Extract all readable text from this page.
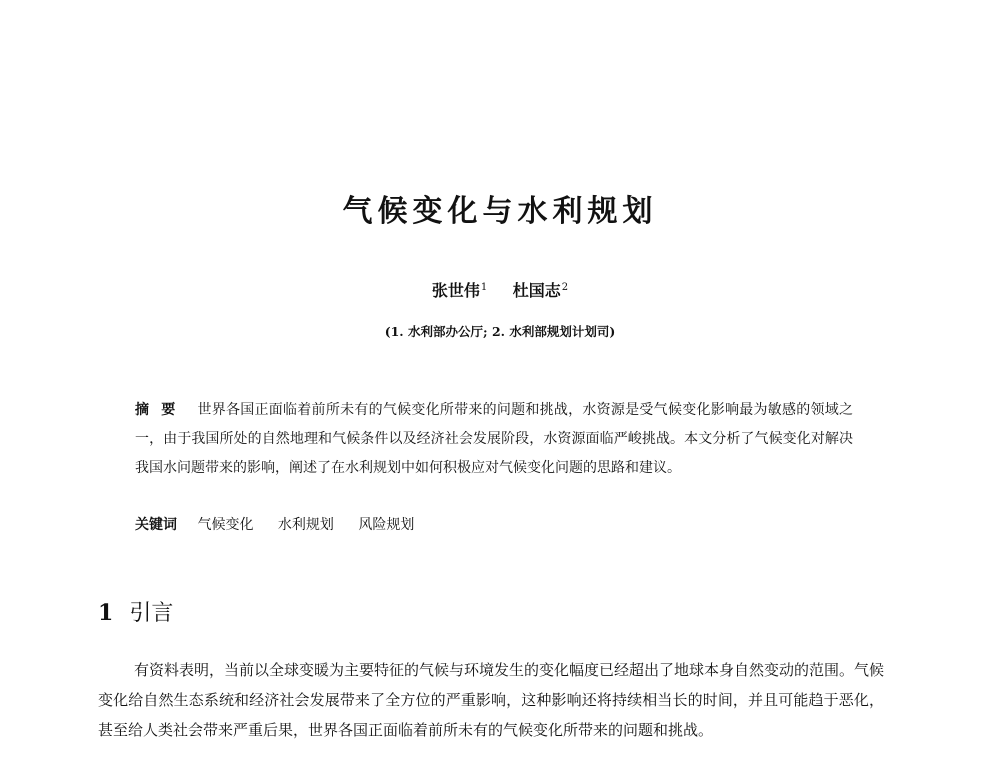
气候变化与水利规划
张世伟$^1$ 杜国志$^2$
(1. 水利部办公厅; 2. 水利部规划计划司)
摘要 世界各国正面临着前所未有的气候变化所带来的问题和挑战，水资源是受气候变化影响最为敏感的领域之一，由于我国所处的自然地理和气候条件以及经济社会发展阶段，水资源面临严峻挑战。本文分析了气候变化对解决我国水问题带来的影响，阐述了在水利规划中如何积极应对气候变化问题的思路和建议。
关键词 气候变化 水利规划 风险规划
1 引言
有资料表明，当前以全球变暖为主要特征的气候与环境发生的变化幅度已经超出了地球本身自然变动的范围。气候变化给自然生态系统和经济社会发展带来了全方位的严重影响，这种影响还将持续相当长的时间，并且可能趋于恶化，甚至给人类社会带来严重后果，世界各国正面临着前所未有的气候变化所带来的问题和挑战。
